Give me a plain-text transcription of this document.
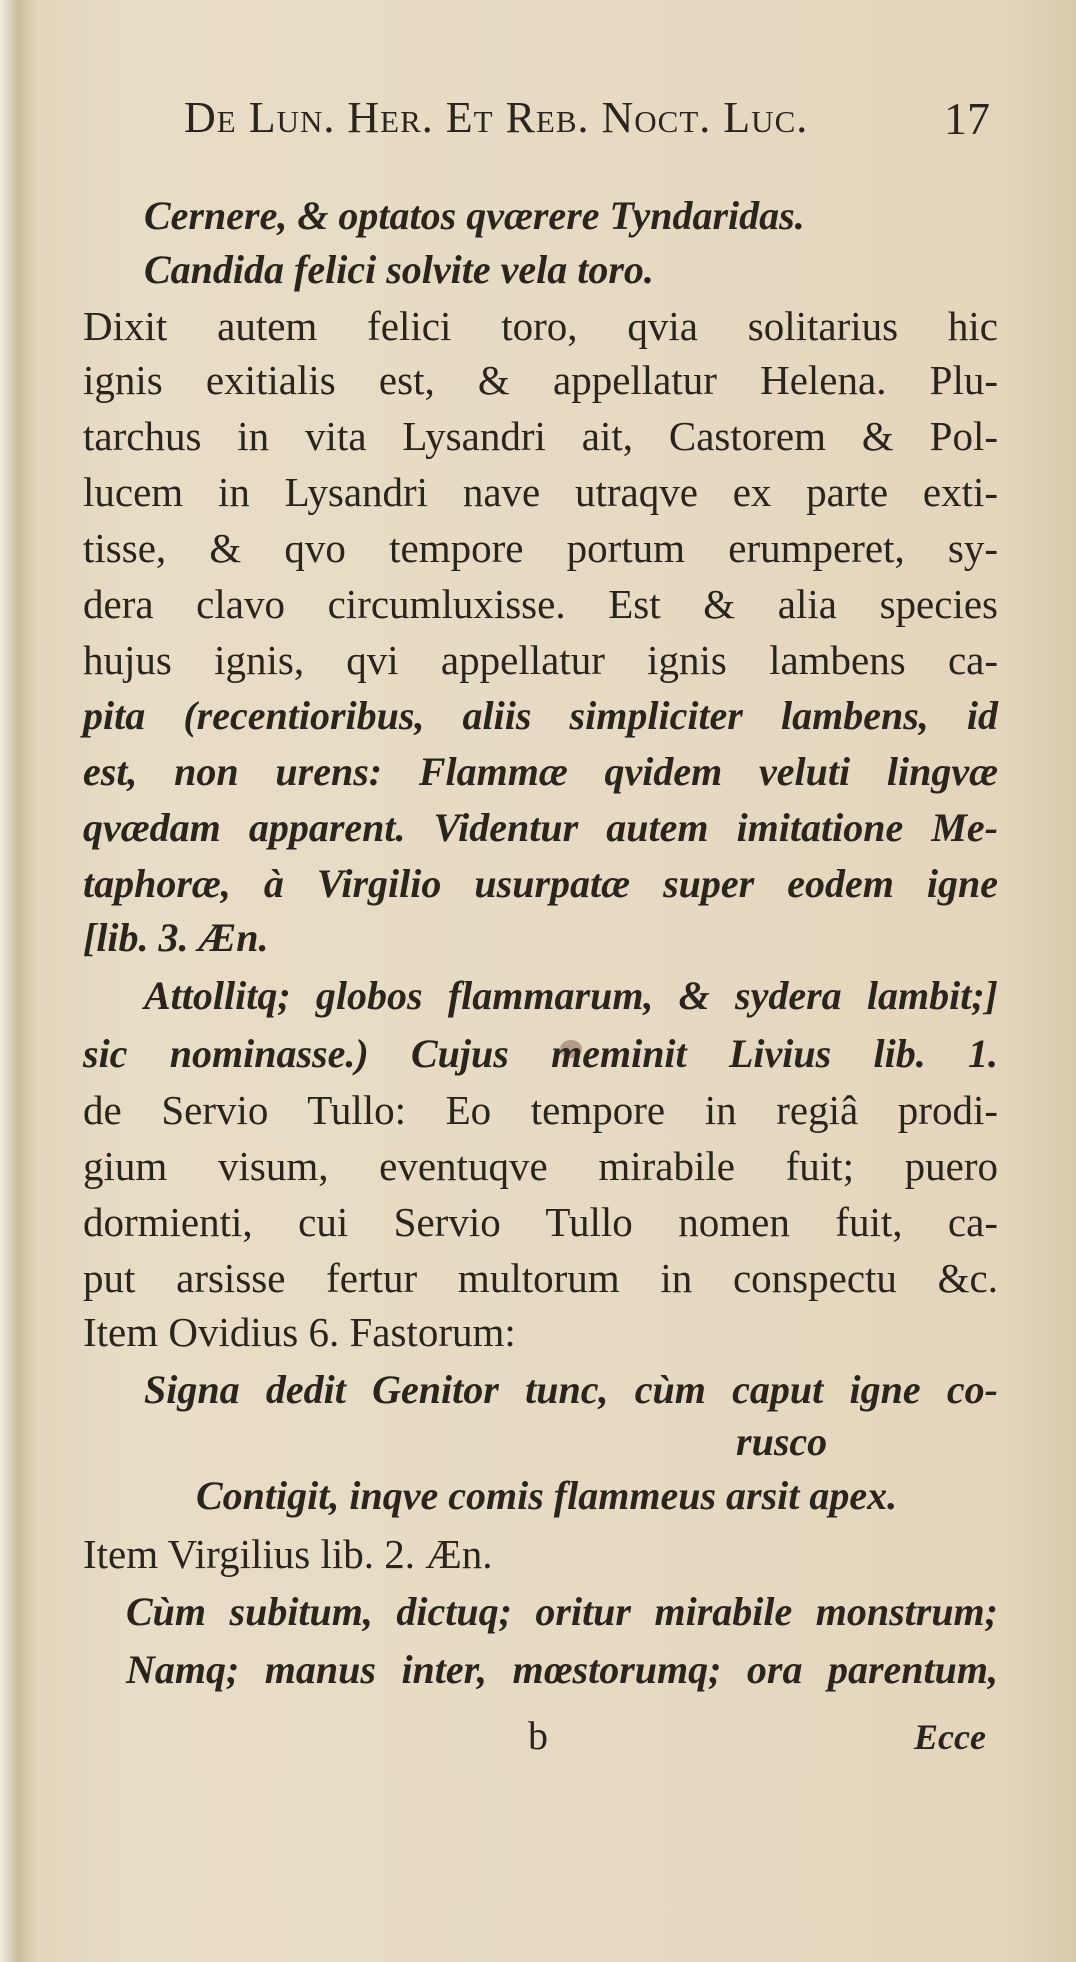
De Lun. Her. Et Reb. Noct. Luc.	17
Cernere, & optatos qværere Tyndaridas.
Candida felici solvite vela toro.
Dixit autem felici toro, qvia solitarius hic
ignis exitialis est, & appellatur Helena. Plu-
tarchus in vita Lysandri ait, Castorem & Pol-
lucem in Lysandri nave utraqve ex parte exti-
tisse, & qvo tempore portum erumperet, sy-
dera clavo circumluxisse. Est & alia species
hujus ignis, qvi appellatur ignis lambens ca-
pita (recentioribus, aliis simpliciter lambens, id
est, non urens: Flammæ qvidem veluti lingvæ
qvædam apparent. Videntur autem imitatione Me-
taphoræ, à Virgilio usurpatæ super eodem igne
[lib. 3. Æn.
Attollitq; globos flammarum, & sydera lambit;]
sic nominasse.) Cujus meminit Livius lib. 1.
de Servio Tullo: Eo tempore in regiâ prodi-
gium visum, eventuqve mirabile fuit; puero
dormienti, cui Servio Tullo nomen fuit, ca-
put arsisse fertur multorum in conspectu &c.
Item Ovidius 6. Fastorum:
Signa dedit Genitor tunc, cùm caput igne co-
rusco
Contigit, inqve comis flammeus arsit apex.
Item Virgilius lib. 2. Æn.
Cùm subitum, dictuq; oritur mirabile monstrum;
Namq; manus inter, mœstorumq; ora parentum,
b	Ecce
